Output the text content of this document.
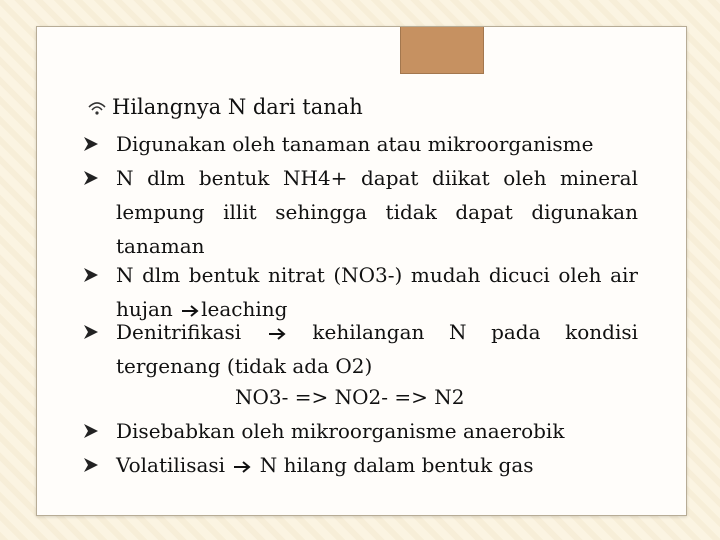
Hilangnya N dari tanah
Digunakan oleh tanaman atau mikroorganisme
N dlm bentuk NH4+ dapat diikat oleh mineral lempung illit sehingga tidak dapat digunakan tanaman
N dlm bentuk nitrat (NO3-) mudah dicuci oleh air hujan leaching
Denitrifikasi	kehilangan N pada kondisi
tergenang (tidak ada O2)
NO3- => NO2- => N2
Disebabkan oleh mikroorganisme anaerobik
Volatilisasi N hilang dalam bentuk gas
